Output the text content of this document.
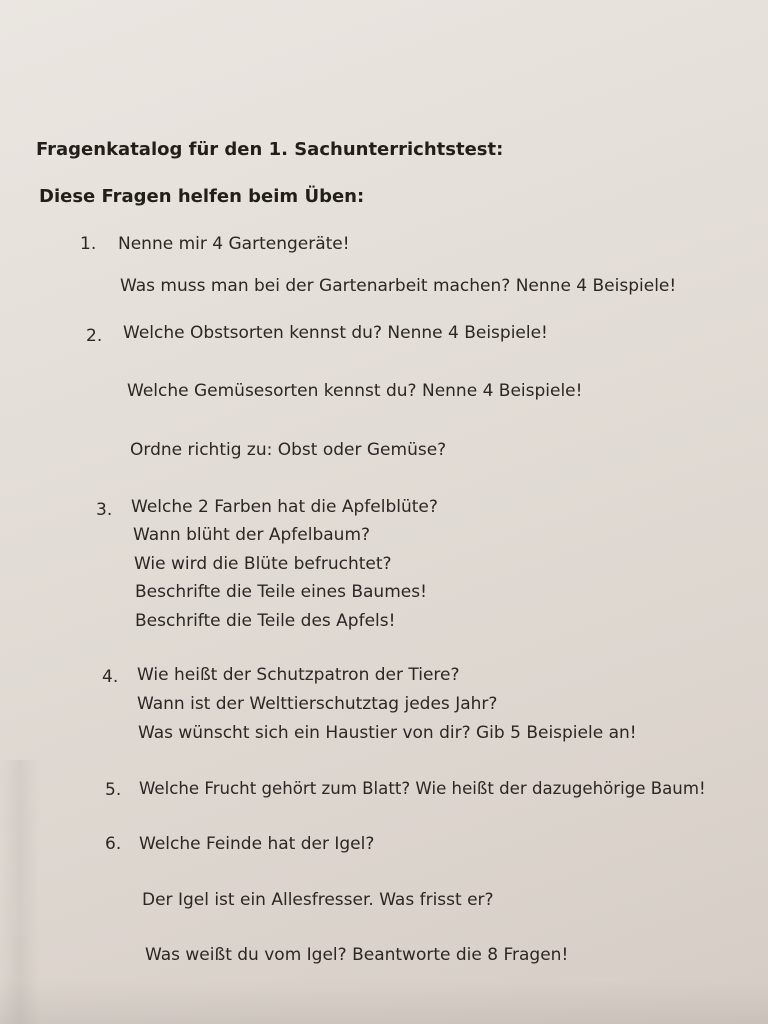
Fragenkatalog für den 1. Sachunterrichtstest:
Diese Fragen helfen beim Üben:
1. Nenne mir 4 Gartengeräte!
Was muss man bei der Gartenarbeit machen? Nenne 4 Beispiele!
2. Welche Obstsorten kennst du? Nenne 4 Beispiele!
Welche Gemüsesorten kennst du? Nenne 4 Beispiele!
Ordne richtig zu: Obst oder Gemüse?
3. Welche 2 Farben hat die Apfelblüte?
Wann blüht der Apfelbaum?
Wie wird die Blüte befruchtet?
Beschrifte die Teile eines Baumes!
Beschrifte die Teile des Apfels!
4. Wie heißt der Schutzpatron der Tiere?
Wann ist der Welttierschutztag jedes Jahr?
Was wünscht sich ein Haustier von dir? Gib 5 Beispiele an!
5. Welche Frucht gehört zum Blatt? Wie heißt der dazugehörige Baum!
6. Welche Feinde hat der Igel?
Der Igel ist ein Allesfresser. Was frisst er?
Was weißt du vom Igel? Beantworte die 8 Fragen!
